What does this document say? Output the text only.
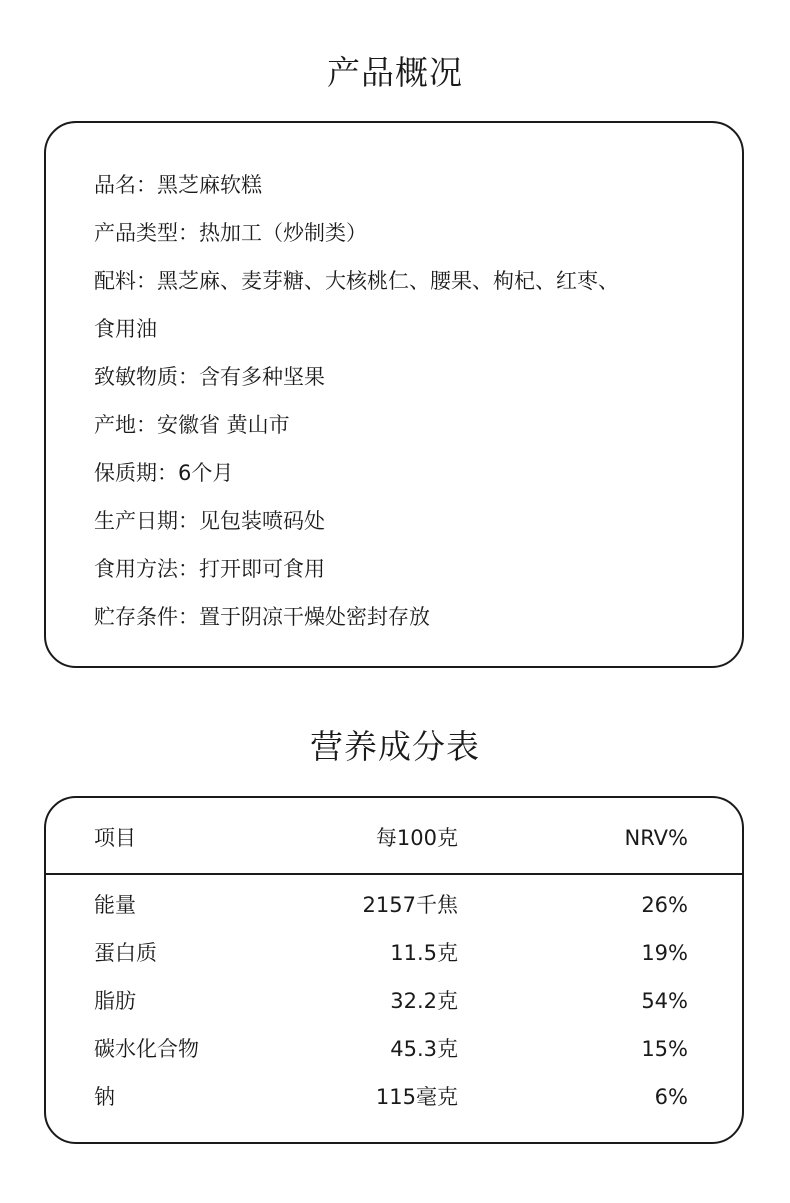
产品概况
品名：黑芝麻软糕
产品类型：热加工（炒制类）
配料：黑芝麻、麦芽糖、大核桃仁、腰果、枸杞、红枣、
食用油
致敏物质：含有多种坚果
产地：安徽省 黄山市
保质期：6个月
生产日期：见包装喷码处
食用方法：打开即可食用
贮存条件：置于阴凉干燥处密封存放
营养成分表
项目	每100克	NRV%
能量	2157千焦	26%
蛋白质	11.5克	19%
脂肪	32.2克	54%
碳水化合物	45.3克	15%
钠	115毫克	6%
